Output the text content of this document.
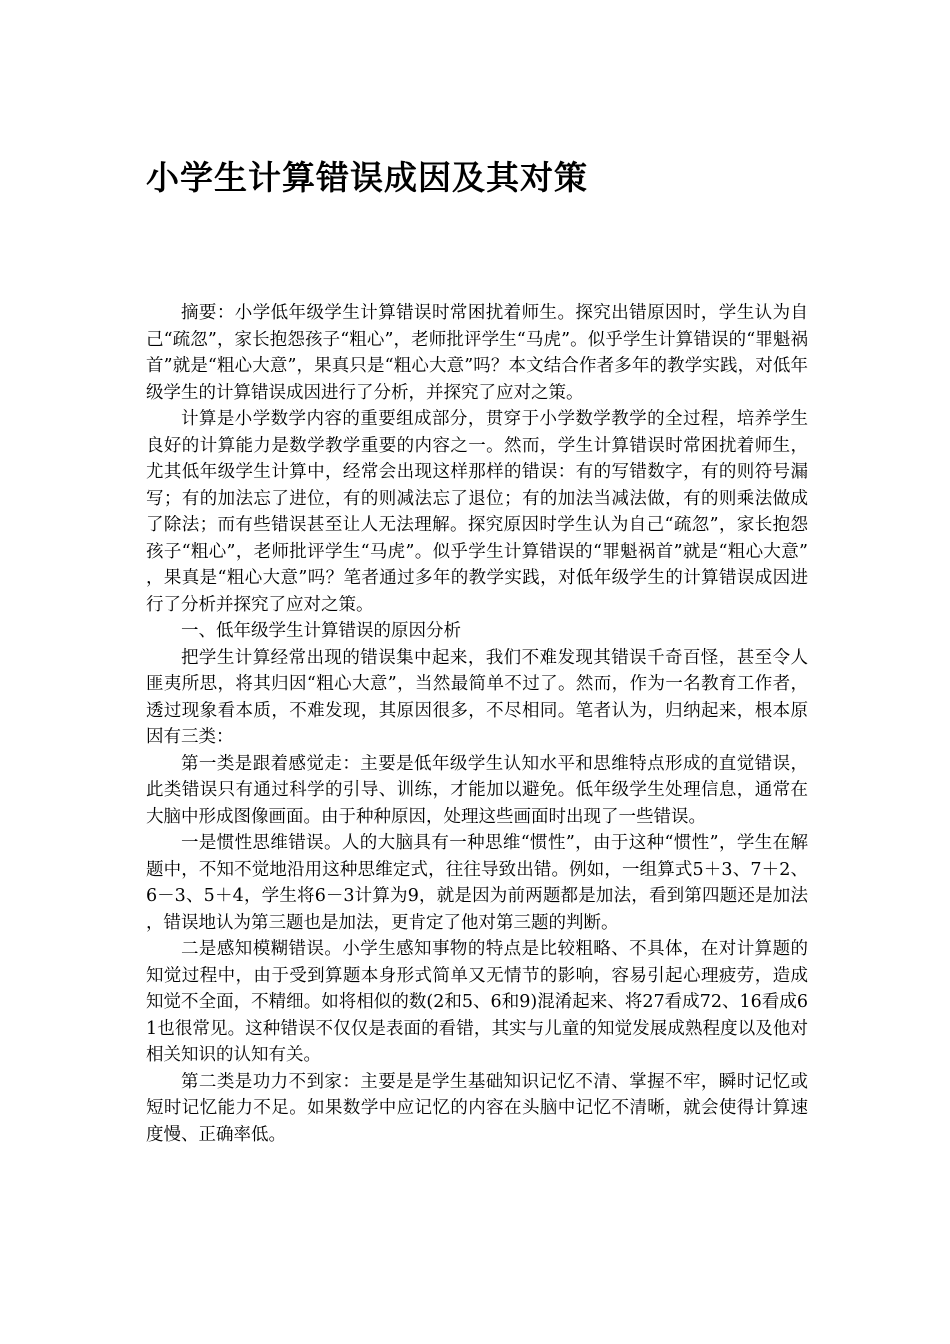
小学生计算错误成因及其对策

摘要：小学低年级学生计算错误时常困扰着师生。探究出错原因时，学生认为自己“疏忽”，家长抱怨孩子“粗心”，老师批评学生“马虎”。似乎学生计算错误的“罪魁祸首”就是“粗心大意”，果真只是“粗心大意”吗？本文结合作者多年的教学实践，对低年级学生的计算错误成因进行了分析，并探究了应对之策。

计算是小学数学内容的重要组成部分，贯穿于小学数学教学的全过程，培养学生良好的计算能力是数学教学重要的内容之一。然而，学生计算错误时常困扰着师生，尤其低年级学生计算中，经常会出现这样那样的错误：有的写错数字，有的则符号漏写；有的加法忘了进位，有的则减法忘了退位；有的加法当减法做，有的则乘法做成了除法；而有些错误甚至让人无法理解。探究原因时学生认为自己“疏忽”，家长抱怨孩子“粗心”，老师批评学生“马虎”。似乎学生计算错误的“罪魁祸首”就是“粗心大意”，果真是“粗心大意”吗？笔者通过多年的教学实践，对低年级学生的计算错误成因进行了分析并探究了应对之策。

一、低年级学生计算错误的原因分析

把学生计算经常出现的错误集中起来，我们不难发现其错误千奇百怪，甚至令人匪夷所思，将其归因“粗心大意”，当然最简单不过了。然而，作为一名教育工作者，透过现象看本质，不难发现，其原因很多，不尽相同。笔者认为，归纳起来，根本原因有三类：

第一类是跟着感觉走：主要是低年级学生认知水平和思维特点形成的直觉错误，此类错误只有通过科学的引导、训练，才能加以避免。低年级学生处理信息，通常在大脑中形成图像画面。由于种种原因，处理这些画面时出现了一些错误。

一是惯性思维错误。人的大脑具有一种思维“惯性”，由于这种“惯性”，学生在解题中，不知不觉地沿用这种思维定式，往往导致出错。例如，一组算式5＋3、7＋2、6－3、5＋4，学生将6－3计算为9，就是因为前两题都是加法，看到第四题还是加法，错误地认为第三题也是加法，更肯定了他对第三题的判断。

二是感知模糊错误。小学生感知事物的特点是比较粗略、不具体，在对计算题的知觉过程中，由于受到算题本身形式简单又无情节的影响，容易引起心理疲劳，造成知觉不全面，不精细。如将相似的数(2和5、6和9)混淆起来、将27看成72、16看成61也很常见。这种错误不仅仅是表面的看错，其实与儿童的知觉发展成熟程度以及他对相关知识的认知有关。

第二类是功力不到家：主要是是学生基础知识记忆不清、掌握不牢，瞬时记忆或短时记忆能力不足。如果数学中应记忆的内容在头脑中记忆不清晰，就会使得计算速度慢、正确率低。
